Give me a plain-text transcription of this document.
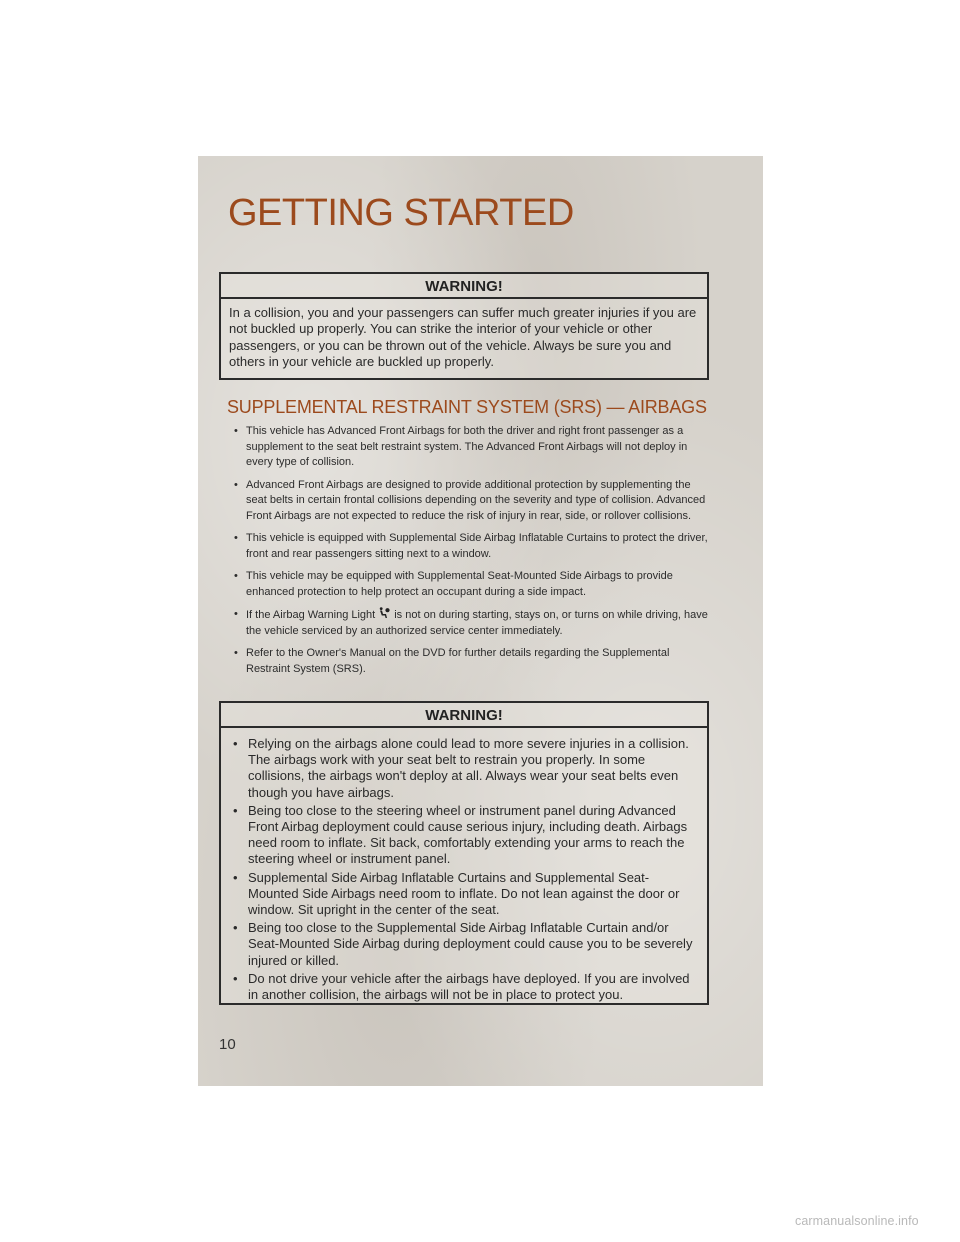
GETTING STARTED
WARNING!
In a collision, you and your passengers can suffer much greater injuries if you are not buckled up properly. You can strike the interior of your vehicle or other passengers, or you can be thrown out of the vehicle. Always be sure you and others in your vehicle are buckled up properly.
SUPPLEMENTAL RESTRAINT SYSTEM (SRS) — AIRBAGS
• This vehicle has Advanced Front Airbags for both the driver and right front passenger as a supplement to the seat belt restraint system. The Advanced Front Airbags will not deploy in every type of collision.
• Advanced Front Airbags are designed to provide additional protection by supplementing the seat belts in certain frontal collisions depending on the severity and type of collision. Advanced Front Airbags are not expected to reduce the risk of injury in rear, side, or rollover collisions.
• This vehicle is equipped with Supplemental Side Airbag Inflatable Curtains to protect the driver, front and rear passengers sitting next to a window.
• This vehicle may be equipped with Supplemental Seat-Mounted Side Airbags to provide enhanced protection to help protect an occupant during a side impact.
• If the Airbag Warning Light is not on during starting, stays on, or turns on while driving, have the vehicle serviced by an authorized service center immediately.
• Refer to the Owner's Manual on the DVD for further details regarding the Supplemental Restraint System (SRS).
WARNING!
• Relying on the airbags alone could lead to more severe injuries in a collision. The airbags work with your seat belt to restrain you properly. In some collisions, the airbags won't deploy at all. Always wear your seat belts even though you have airbags.
• Being too close to the steering wheel or instrument panel during Advanced Front Airbag deployment could cause serious injury, including death. Airbags need room to inflate. Sit back, comfortably extending your arms to reach the steering wheel or instrument panel.
• Supplemental Side Airbag Inflatable Curtains and Supplemental Seat-Mounted Side Airbags need room to inflate. Do not lean against the door or window. Sit upright in the center of the seat.
• Being too close to the Supplemental Side Airbag Inflatable Curtain and/or Seat-Mounted Side Airbag during deployment could cause you to be severely injured or killed.
• Do not drive your vehicle after the airbags have deployed. If you are involved in another collision, the airbags will not be in place to protect you.
10
carmanualsonline.info
